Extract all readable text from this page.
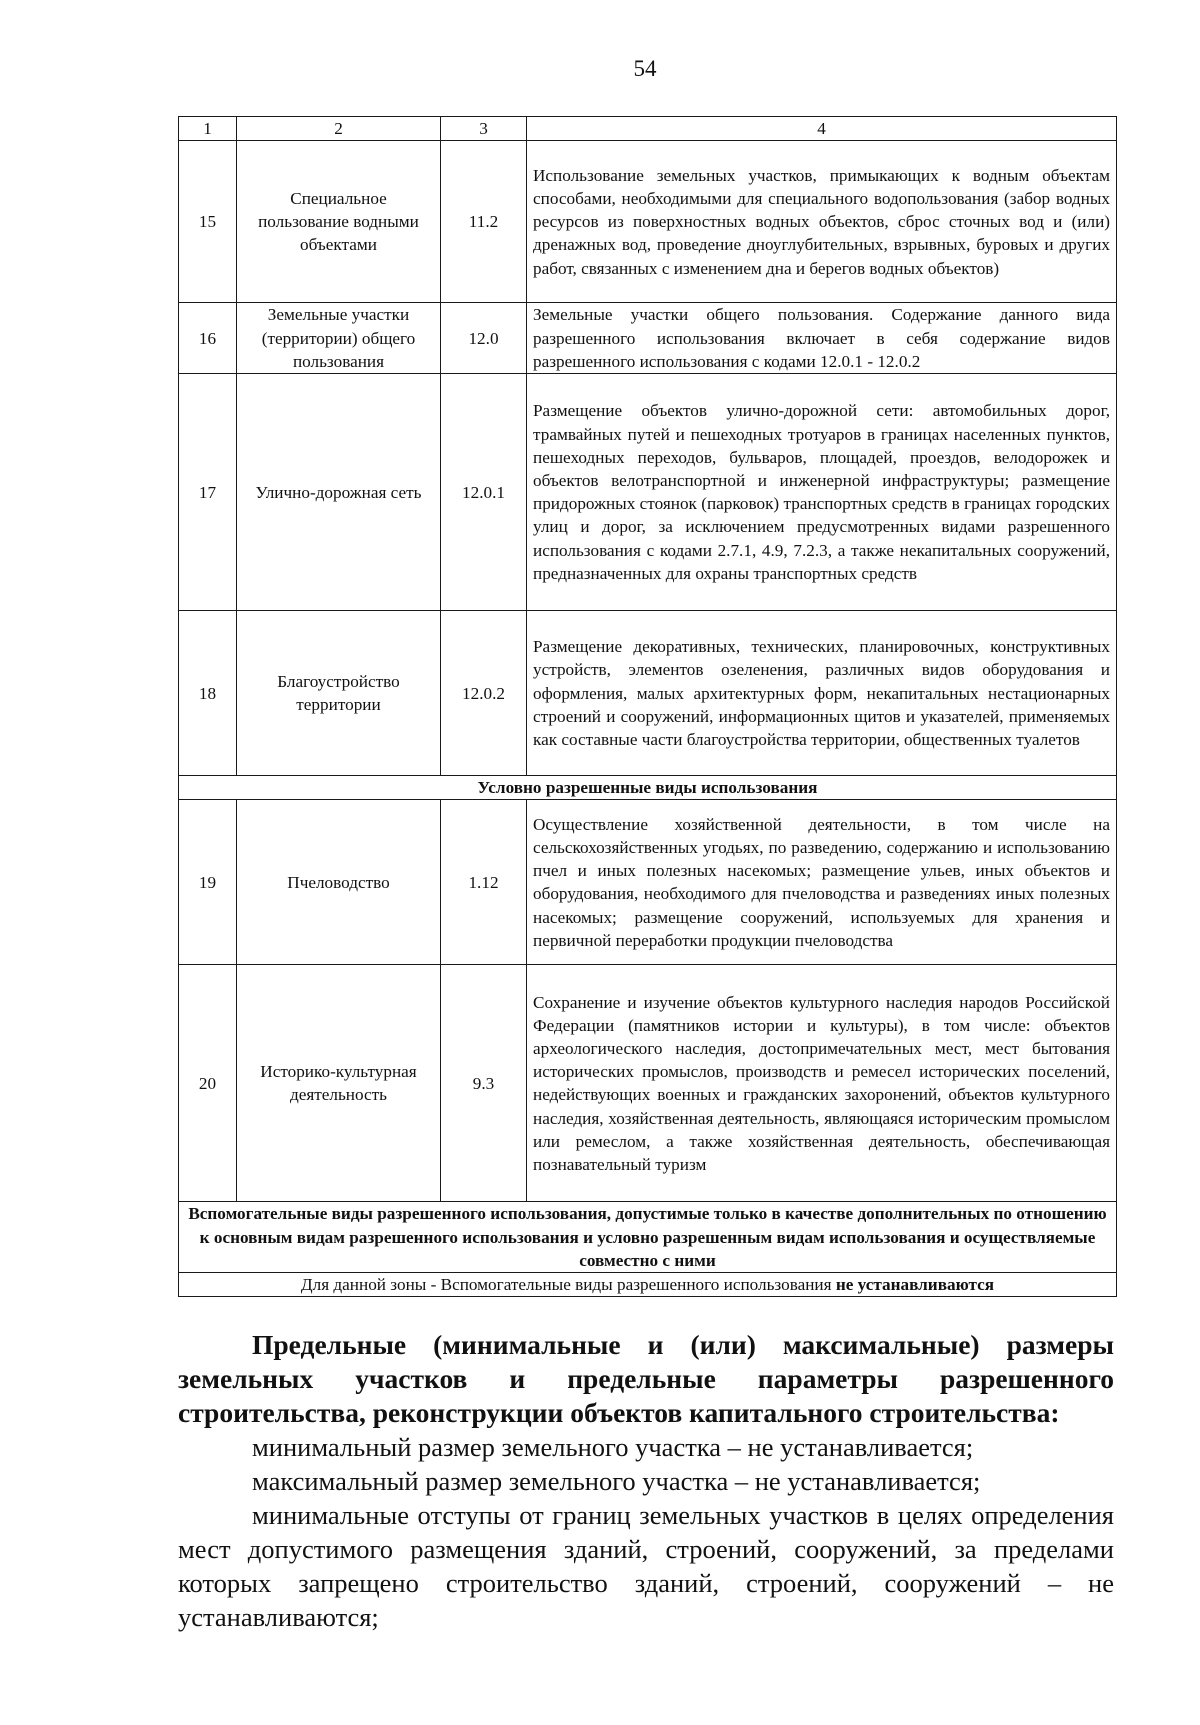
54
1	2	3	4
15	Специальное пользование водными объектами	11.2	Использование земельных участков, примыкающих к водным объектам способами, необходимыми для специального водопользования (забор водных ресурсов из поверхностных водных объектов, сброс сточных вод и (или) дренажных вод, проведение дноуглубительных, взрывных, буровых и других работ, связанных с изменением дна и берегов водных объектов)
16	Земельные участки (территории) общего пользования	12.0	Земельные участки общего пользования. Содержание данного вида разрешенного использования включает в себя содержание видов разрешенного использования с кодами 12.0.1 - 12.0.2
17	Улично-дорожная сеть	12.0.1	Размещение объектов улично-дорожной сети: автомобильных дорог, трамвайных путей и пешеходных тротуаров в границах населенных пунктов, пешеходных переходов, бульваров, площадей, проездов, велодорожек и объектов велотранспортной и инженерной инфраструктуры; размещение придорожных стоянок (парковок) транспортных средств в границах городских улиц и дорог, за исключением предусмотренных видами разрешенного использования с кодами 2.7.1, 4.9, 7.2.3, а также некапитальных сооружений, предназначенных для охраны транспортных средств
18	Благоустройство территории	12.0.2	Размещение декоративных, технических, планировочных, конструктивных устройств, элементов озеленения, различных видов оборудования и оформления, малых архитектурных форм, некапитальных нестационарных строений и сооружений, информационных щитов и указателей, применяемых как составные части благоустройства территории, общественных туалетов
Условно разрешенные виды использования			
19	Пчеловодство	1.12	Осуществление хозяйственной деятельности, в том числе на сельскохозяйственных угодьях, по разведению, содержанию и использованию пчел и иных полезных насекомых; размещение ульев, иных объектов и оборудования, необходимого для пчеловодства и разведениях иных полезных насекомых; размещение сооружений, используемых для хранения и первичной переработки продукции пчеловодства
20	Историко-культурная деятельность	9.3	Сохранение и изучение объектов культурного наследия народов Российской Федерации (памятников истории и культуры), в том числе: объектов археологического наследия, достопримечательных мест, мест бытования исторических промыслов, производств и ремесел исторических поселений, недействующих военных и гражданских захоронений, объектов культурного наследия, хозяйственная деятельность, являющаяся историческим промыслом или ремеслом, а также хозяйственная деятельность, обеспечивающая познавательный туризм
Вспомогательные виды разрешенного использования, допустимые только в качестве дополнительных по отношению к основным видам разрешенного использования и условно разрешенным видам использования и осуществляемые совместно с ними			
Для данной зоны - Вспомогательные виды разрешенного использования не устанавливаются			

Предельные (минимальные и (или) максимальные) размеры земельных участков и предельные параметры разрешенного строительства, реконструкции объектов капитального строительства:

минимальный размер земельного участка – не устанавливается;

максимальный размер земельного участка – не устанавливается;

минимальные отступы от границ земельных участков в целях определения мест допустимого размещения зданий, строений, сооружений, за пределами которых запрещено строительство зданий, строений, сооружений – не устанавливаются;
